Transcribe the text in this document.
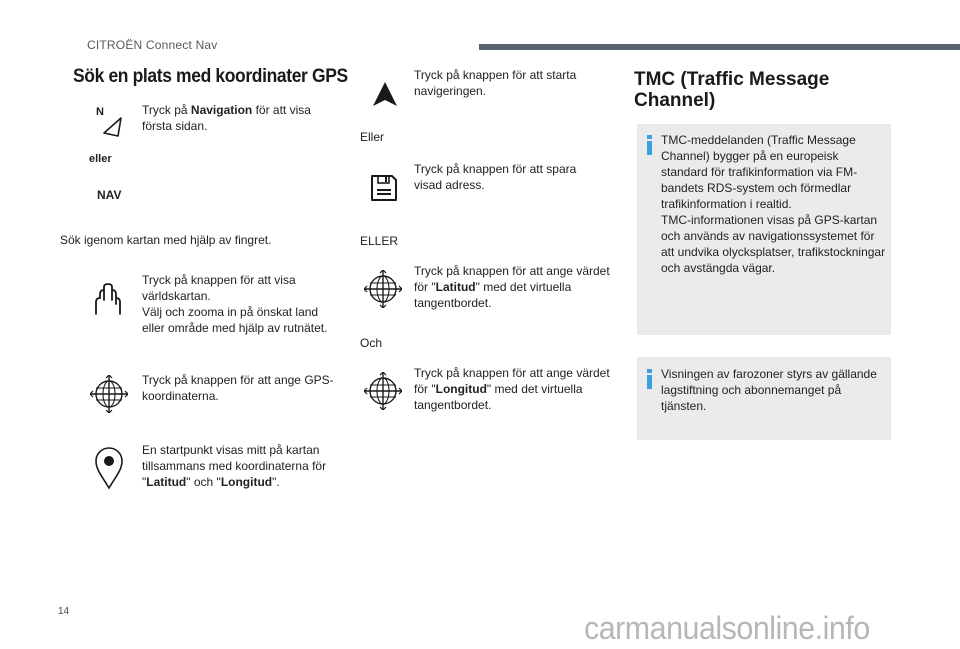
CITROËN Connect Nav
Sök en plats med koordinater GPS
N	Tryck på Navigation för att visa första sidan.
eller
NAV
Sök igenom kartan med hjälp av fingret.
Tryck på knappen för att visa världskartan.
Välj och zooma in på önskat land eller område med hjälp av rutnätet.
Tryck på knappen för att ange GPS-koordinaterna.
En startpunkt visas mitt på kartan tillsammans med koordinaterna för "Latitud" och "Longitud".
Tryck på knappen för att starta navigeringen.
Eller
Tryck på knappen för att spara visad adress.
ELLER
Tryck på knappen för att ange värdet för "Latitud" med det virtuella tangentbordet.
Och
Tryck på knappen för att ange värdet för "Longitud" med det virtuella tangentbordet.
TMC (Traffic Message Channel)
TMC-meddelanden (Traffic Message Channel) bygger på en europeisk standard för trafikinformation via FM-bandets RDS-system och förmedlar trafikinformation i realtid.
TMC-informationen visas på GPS-kartan och används av navigationssystemet för att undvika olycksplatser, trafikstockningar och avstängda vägar.
Visningen av farozoner styrs av gällande lagstiftning och abonnemanget på tjänsten.
14	carmanualsonline.info
